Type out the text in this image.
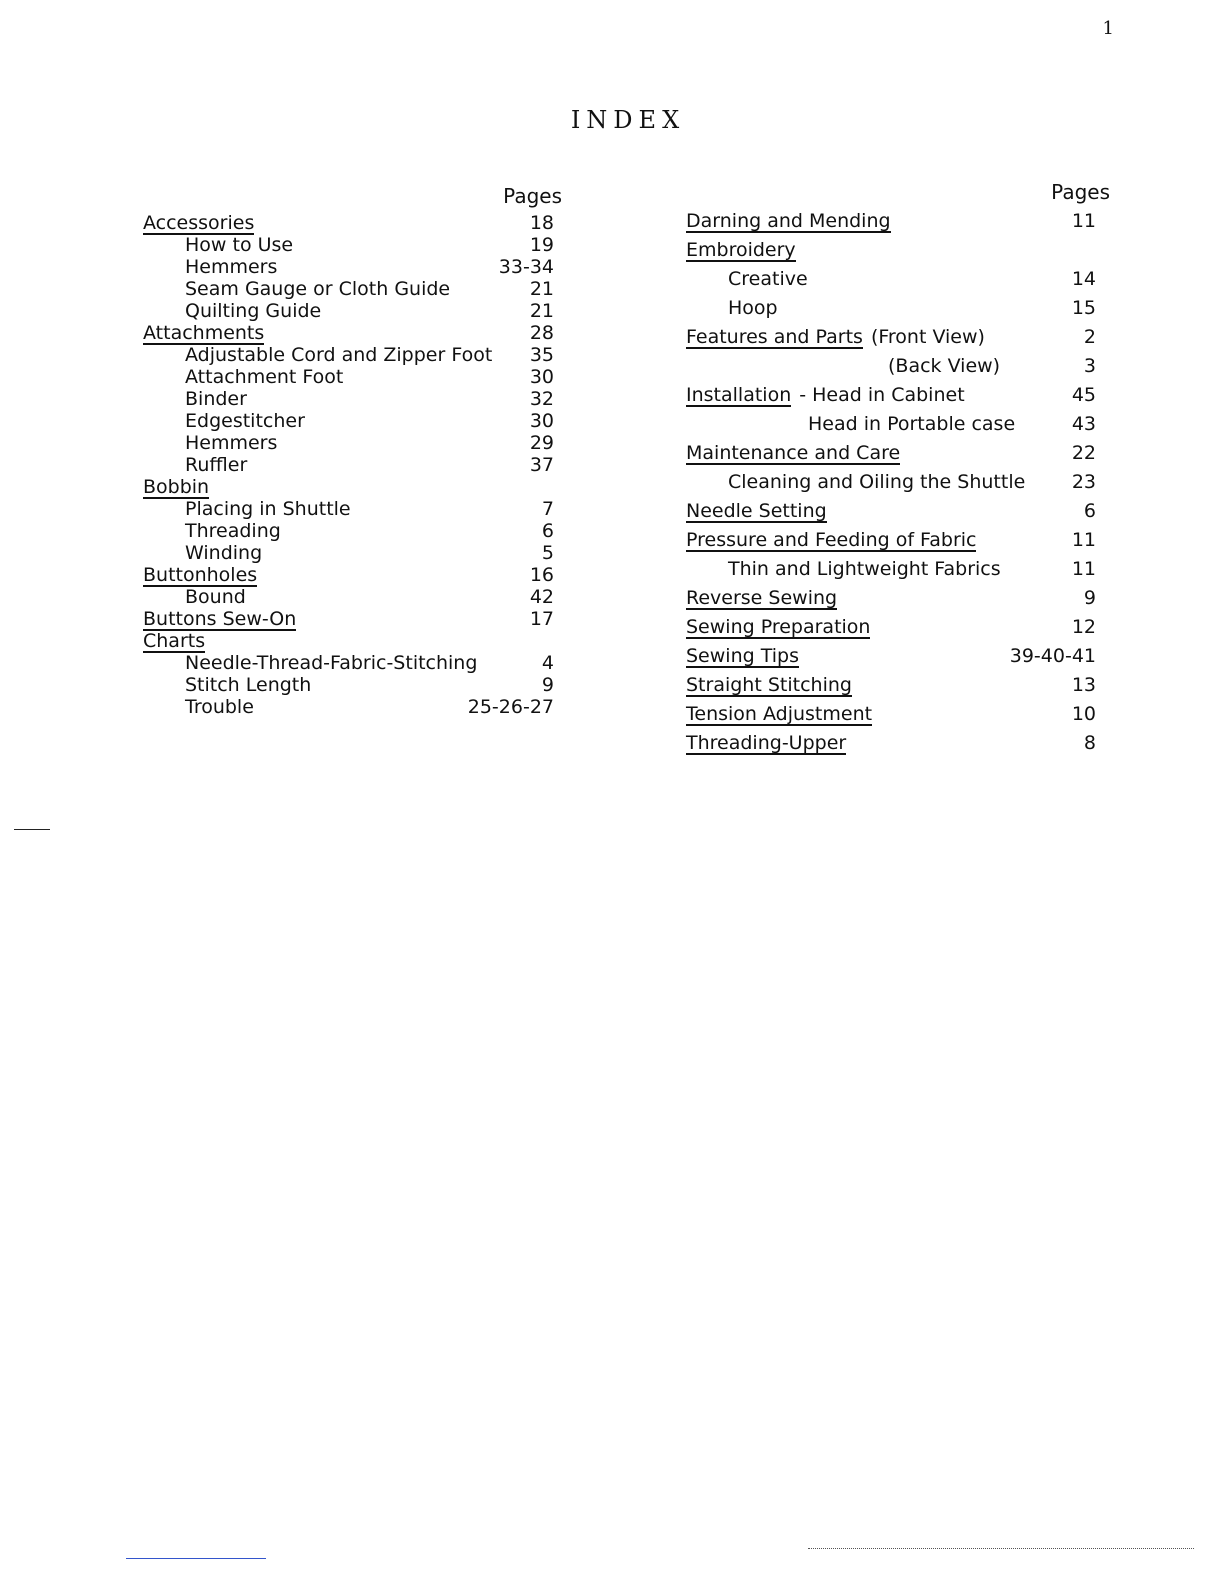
1
INDEX
Pages
Accessories	18
How to Use	19
Hemmers	33-34
Seam Gauge or Cloth Guide	21
Quilting Guide	21
Attachments	28
Adjustable Cord and Zipper Foot 35
Attachment Foot	30
Binder	32
Edgestitcher	30
Hemmers	29
Ruffler	37
Bobbin
Placing in Shuttle	7
Threading	6
Winding	5
Buttonholes	16
Bound	42
Buttons Sew-On	17
Charts
Needle-Thread-Fabric-Stitching	4
Stitch Length	9
Trouble	25-26-27
Pages
Darning and Mending	11
Embroidery
Creative	14
Hoop	15
Features and Parts (Front View)	2
(Back View)	3
Installation - Head in Cabinet	45
Head in Portable case	43
Maintenance and Care	22
Cleaning and Oiling the Shuttle 23
Needle Setting	6
Pressure and Feeding of Fabric	11
Thin and Lightweight Fabrics	11
Reverse Sewing	9
Sewing Preparation	12
Sewing Tips	39-40-41
Straight Stitching	13
Tension Adjustment	10
Threading-Upper	8
